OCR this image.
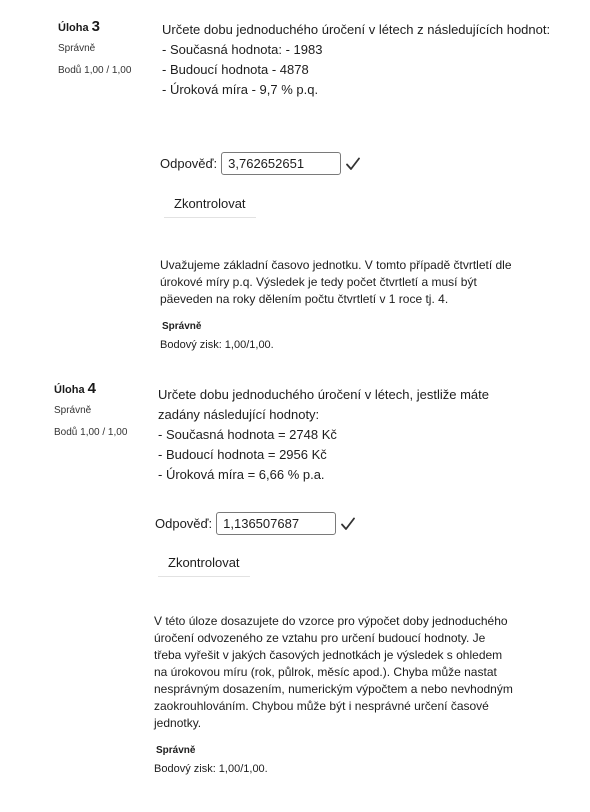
Úloha 3
Správně
Bodů 1,00 / 1,00

Určete dobu jednoduchého úročení v létech z následujících hodnot:

- Současná hodnota: - 1983

- Budoucí hodnota - 4878

- Úroková míra - 9,7 % p.q.

Odpověď:
3,762652651
Zkontrolovat

Uvažujeme základní časovo jednotku. V tomto případě čtvrtletí dle úrokové míry p.q. Výsledek je tedy počet čtvrtletí a musí být päeveden na roky dělením počtu čtvrtletí v 1 roce tj. 4.

Správně
Bodový zisk: 1,00/1,00.
Úloha 4
Správně
Bodů 1,00 / 1,00

Určete dobu jednoduchého úročení v létech, jestliže máte zadány následující hodnoty:

- Současná hodnota = 2748 Kč

- Budoucí hodnota = 2956 Kč

- Úroková míra = 6,66 % p.a.

Odpověď:
1,136507687
Zkontrolovat

V této úloze dosazujete do vzorce pro výpočet doby jednoduchého úročení odvozeného ze vztahu pro určení budoucí hodnoty. Je třeba vyřešit v jakých časových jednotkách je výsledek s ohledem na úrokovou míru (rok, půlrok, měsíc apod.). Chyba může nastat nesprávným dosazením, numerickým výpočtem a nebo nevhodným zaokrouhlováním. Chybou může být i nesprávné určení časové jednotky.

Správně
Bodový zisk: 1,00/1,00.
